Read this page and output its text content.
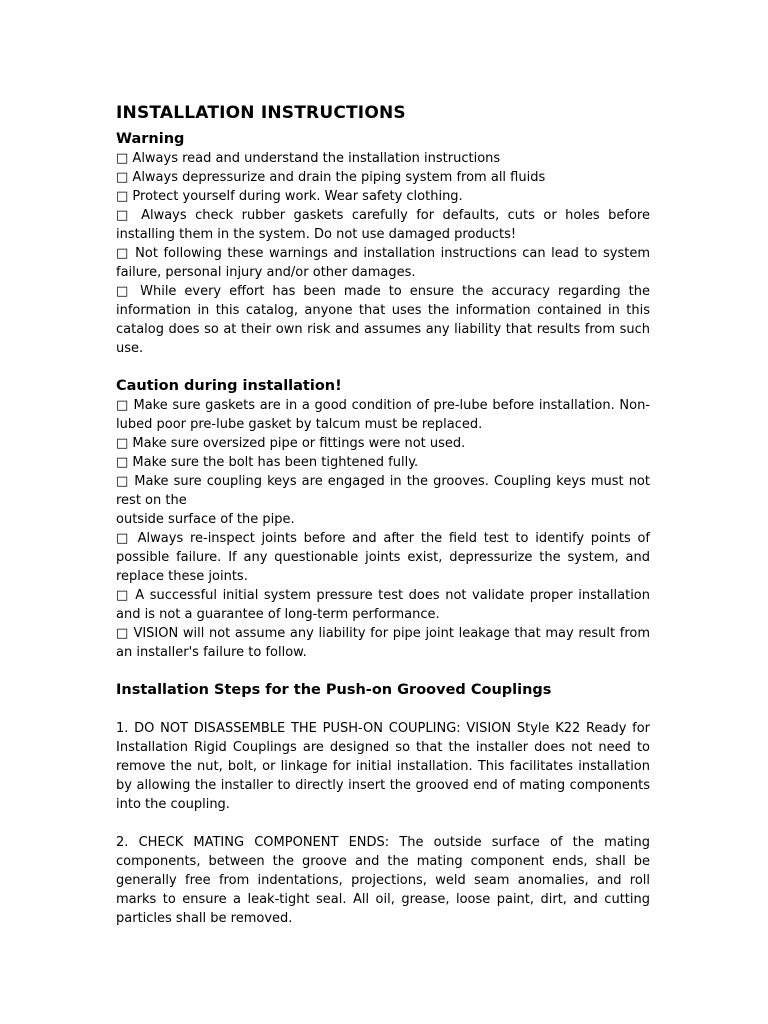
INSTALLATION INSTRUCTIONS
Warning

□ Always read and understand the installation instructions

□ Always depressurize and drain the piping system from all fluids

□ Protect yourself during work. Wear safety clothing.

□ Always check rubber gaskets carefully for defaults, cuts or holes before installing them in the system. Do not use damaged products!

□ Not following these warnings and installation instructions can lead to system failure, personal injury and/or other damages.

□ While every effort has been made to ensure the accuracy regarding the information in this catalog, anyone that uses the information contained in this catalog does so at their own risk and assumes any liability that results from such use.

Caution during installation!

□ Make sure gaskets are in a good condition of pre-lube before installation. Non-lubed poor pre-lube gasket by talcum must be replaced.

□ Make sure oversized pipe or fittings were not used.

□ Make sure the bolt has been tightened fully.

□ Make sure coupling keys are engaged in the grooves. Coupling keys must not rest on the

outside surface of the pipe.

□ Always re-inspect joints before and after the field test to identify points of possible failure. If any questionable joints exist, depressurize the system, and replace these joints.

□ A successful initial system pressure test does not validate proper installation and is not a guarantee of long-term performance.

□ VISION will not assume any liability for pipe joint leakage that may result from an installer's failure to follow.

Installation Steps for the Push-on Grooved Couplings

1. DO NOT DISASSEMBLE THE PUSH-ON COUPLING: VISION Style K22 Ready for Installation Rigid Couplings are designed so that the installer does not need to remove the nut, bolt, or linkage for initial installation. This facilitates installation by allowing the installer to directly insert the grooved end of mating components into the coupling.

2. CHECK MATING COMPONENT ENDS: The outside surface of the mating components, between the groove and the mating component ends, shall be generally free from indentations, projections, weld seam anomalies, and roll marks to ensure a leak-tight seal. All oil, grease, loose paint, dirt, and cutting particles shall be removed.
